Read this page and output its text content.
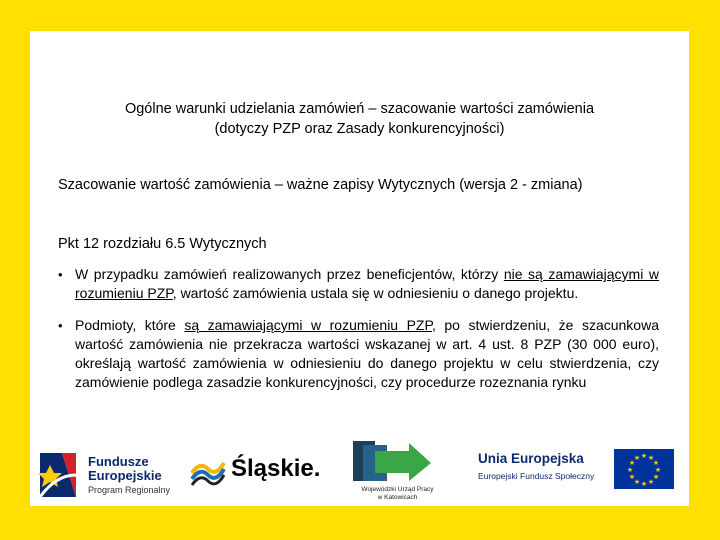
Ogólne warunki udzielania zamówień – szacowanie wartości zamówienia
(dotyczy PZP oraz Zasady konkurencyjności)
Szacowanie wartość zamówienia – ważne zapisy Wytycznych (wersja 2 - zmiana)
Pkt 12 rozdziału 6.5 Wytycznych
• W przypadku zamówień realizowanych przez beneficjentów, którzy nie są zamawiającymi w rozumieniu PZP, wartość zamówienia ustala się w odniesieniu o danego projektu.
• Podmioty, które są zamawiającymi w rozumieniu PZP, po stwierdzeniu, że szacunkowa wartość zamówienia nie przekracza wartości wskazanej w art. 4 ust. 8 PZP (30 000 euro), określają wartość zamówienia w odniesieniu do danego projektu w celu stwierdzenia, czy zamówienie podlega zasadzie konkurencyjności, czy procedurze rozeznania rynku
Fundusze
Europejskie
Program Regionalny
Śląskie.
Wojewódzki Urząd Pracy
w Katowicach
Unia Europejska
Europejski Fundusz Społeczny
★ ★
★
★
★
★
★
★
★
★
★
★
